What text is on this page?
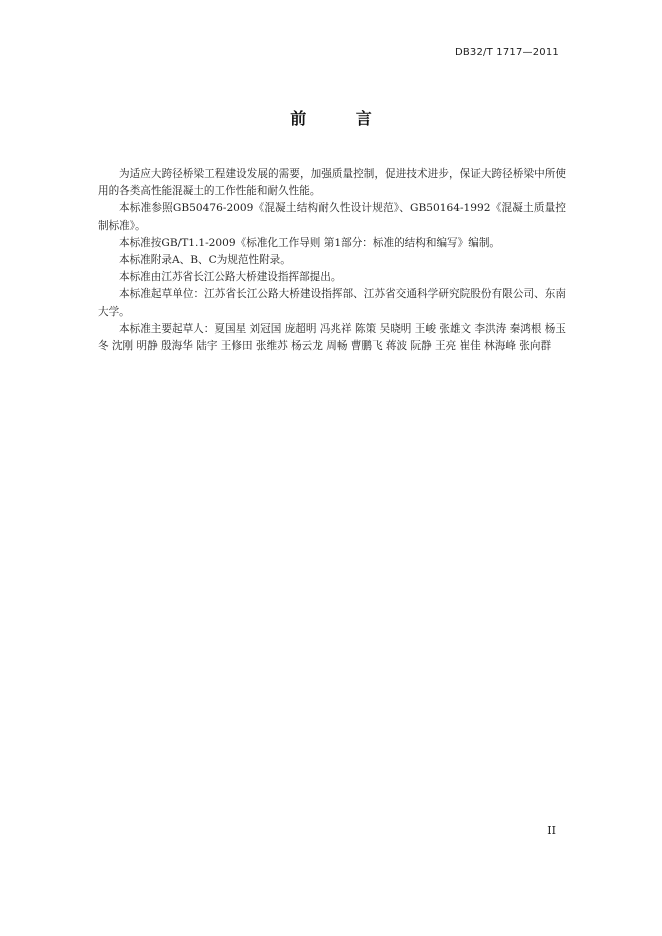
DB32/T 1717—2011
前 言

为适应大跨径桥梁工程建设发展的需要，加强质量控制，促进技术进步，保证大跨径桥梁中所使用的各类高性能混凝土的工作性能和耐久性能。

本标准参照GB50476-2009《混凝土结构耐久性设计规范》、GB50164-1992《混凝土质量控制标准》。

本标准按GB/T1.1-2009《标准化工作导则 第1部分：标准的结构和编写》编制。

本标准附录A、B、C为规范性附录。

本标准由江苏省长江公路大桥建设指挥部提出。

本标准起草单位：江苏省长江公路大桥建设指挥部、江苏省交通科学研究院股份有限公司、东南大学。

本标准主要起草人：夏国星 刘冠国 庞超明 冯兆祥 陈策 吴晓明 王峻 张雄文 李洪涛 秦鸿根 杨玉冬 沈刚 明静 殷海华 陆宇 王修田 张维苏 杨云龙 周畅 曹鹏飞 蒋波 阮静 王亮 崔佳 林海峰 张向群

II
